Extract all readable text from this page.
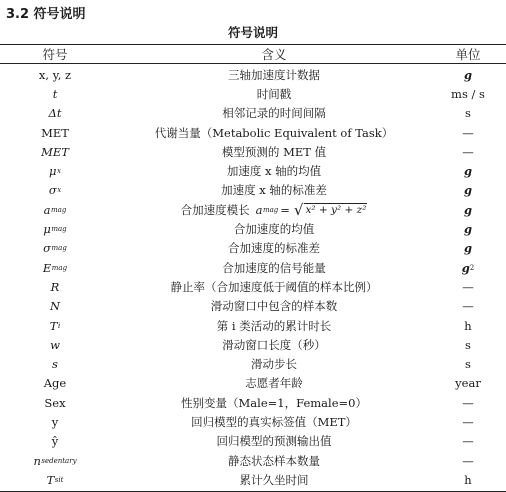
3.2 符号说明
符号说明
符号	含义	单位
x, y, z	三轴加速度计数据	g
t	时间戳	ms / s
Δt	相邻记录的时间间隔	s
MET	代谢当量（Metabolic Equivalent of Task）	—
MET	模型预测的 MET 值	—
μ x	加速度 x 轴的均值	g
σ x	加速度 x 轴的标准差	g
a mag	合加速度模长 a mag = √ x² + y² + z²	g
μ mag	合加速度的均值	g
σ mag	合加速度的标准差	g
E mag	合加速度的信号能量	g 2
R	静止率（合加速度低于阈值的样本比例）	—
N	滑动窗口中包含的样本数	—
T i	第 i 类活动的累计时长	h
w	滑动窗口长度（秒）	s
s	滑动步长	s
Age	志愿者年龄	year
Sex	性别变量（Male=1，Female=0）	—
y	回归模型的真实标签值（MET）	—
ŷ	回归模型的预测输出值	—
n sedentary	静态状态样本数量	—
T sit	累计久坐时间	h
